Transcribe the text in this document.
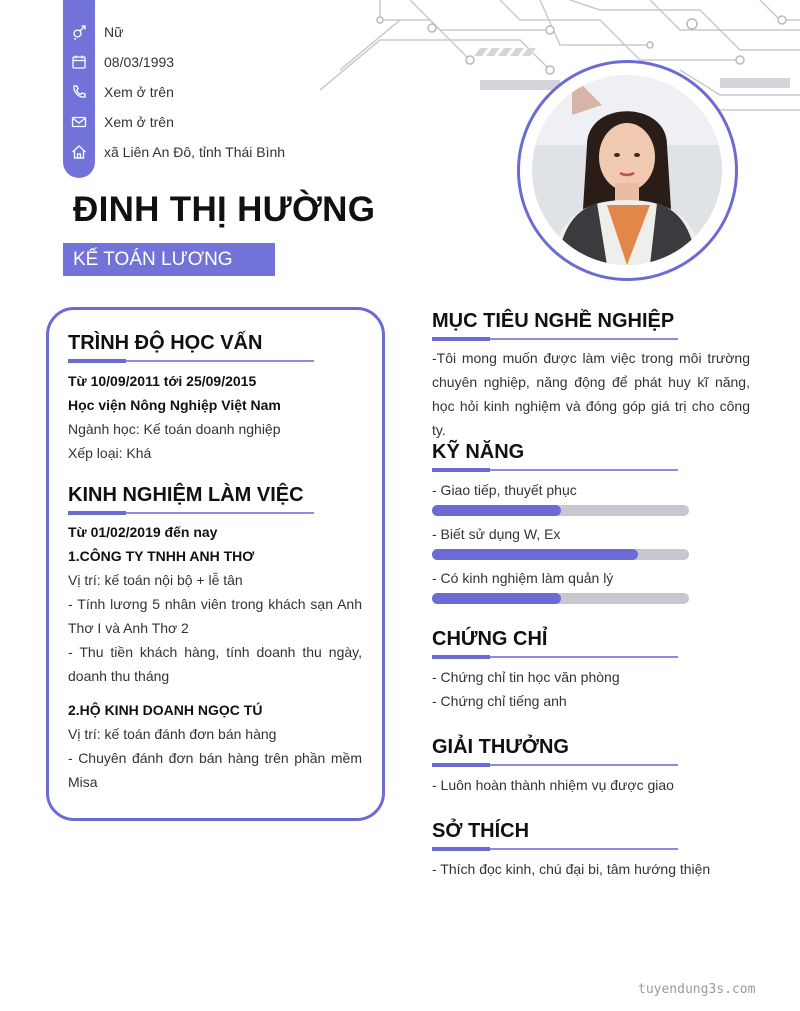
Nữ
08/03/1993
Xem ở trên
Xem ở trên
xã Liên An Đô, tỉnh Thái Bình
ĐINH THỊ HƯỜNG
KẾ TOÁN LƯƠNG
TRÌNH ĐỘ HỌC VẤN
Từ 10/09/2011 tới 25/09/2015
Học viện Nông Nghiệp Việt Nam
Ngành học: Kế toán doanh nghiệp
Xếp loại: Khá
KINH NGHIỆM LÀM VIỆC
Từ 01/02/2019 đến nay
1.CÔNG TY TNHH ANH THƠ
Vị trí: kế toán nội bộ + lễ tân
- Tính lương 5 nhân viên trong khách sạn Anh Thơ I và Anh Thơ 2
- Thu tiền khách hàng, tính doanh thu ngày, doanh thu tháng
2.HỘ KINH DOANH NGỌC TÚ
Vị trí: kế toán đánh đơn bán hàng
- Chuyên đánh đơn bán hàng trên phần mềm Misa
MỤC TIÊU NGHỀ NGHIỆP
-Tôi mong muốn được làm việc trong môi trường chuyên nghiệp, năng động để phát huy kĩ năng, học hỏi kinh nghiệm và đóng góp giá trị cho công ty.
KỸ NĂNG
- Giao tiếp, thuyết phục
- Biết sử dụng W, Ex
- Có kinh nghiệm làm quản lý
CHỨNG CHỈ
- Chứng chỉ tin học văn phòng
- Chứng chỉ tiếng anh
GIẢI THƯỞNG
- Luôn hoàn thành nhiệm vụ được giao
SỞ THÍCH
- Thích đọc kinh, chú đại bi, tâm hướng thiện
tuyendung3s.com
